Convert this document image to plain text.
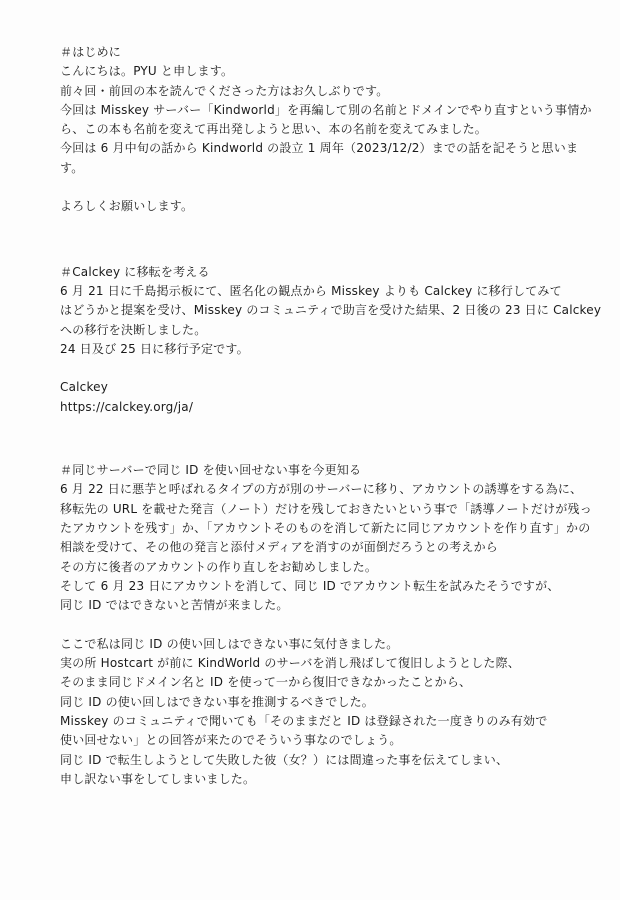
＃はじめに
こんにちは。PYU と申します。
前々回・前回の本を読んでくださった方はお久しぶりです。
今回は Misskey サーバー「Kindworld」を再編して別の名前とドメインでやり直すという事情か
ら、この本も名前を変えて再出発しようと思い、本の名前を変えてみました。
今回は 6 月中旬の話から Kindworld の設立 1 周年（2023/12/2）までの話を記そうと思いま
す。
よろしくお願いします。
＃Calckey に移転を考える
6 月 21 日に千島掲示板にて、匿名化の観点から Misskey よりも Calckey に移行してみて
はどうかと提案を受け、Misskey のコミュニティで助言を受けた結果、2 日後の 23 日に Calckey
への移行を決断しました。
24 日及び 25 日に移行予定です。
Calckey
https://calckey.org/ja/
＃同じサーバーで同じ ID を使い回せない事を今更知る
6 月 22 日に悪芋と呼ばれるタイプの方が別のサーバーに移り、アカウントの誘導をする為に、
移転先の URL を載せた発言（ノート）だけを残しておきたいという事で「誘導ノートだけが残っ
たアカウントを残す」か、「アカウントそのものを消して新たに同じアカウントを作り直す」かの
相談を受けて、その他の発言と添付メディアを消すのが面倒だろうとの考えから
その方に後者のアカウントの作り直しをお勧めしました。
そして 6 月 23 日にアカウントを消して、同じ ID でアカウント転生を試みたそうですが、
同じ ID ではできないと苦情が来ました。
ここで私は同じ ID の使い回しはできない事に気付きました。
実の所 Hostcart が前に KindWorld のサーバを消し飛ばして復旧しようとした際、
そのまま同じドメイン名と ID を使って一から復旧できなかったことから、
同じ ID の使い回しはできない事を推測するべきでした。
Misskey のコミュニティで聞いても「そのままだと ID は登録された一度きりのみ有効で
使い回せない」との回答が来たのでそういう事なのでしょう。
同じ ID で転生しようとして失敗した彼（女？）には間違った事を伝えてしまい、
申し訳ない事をしてしまいました。
